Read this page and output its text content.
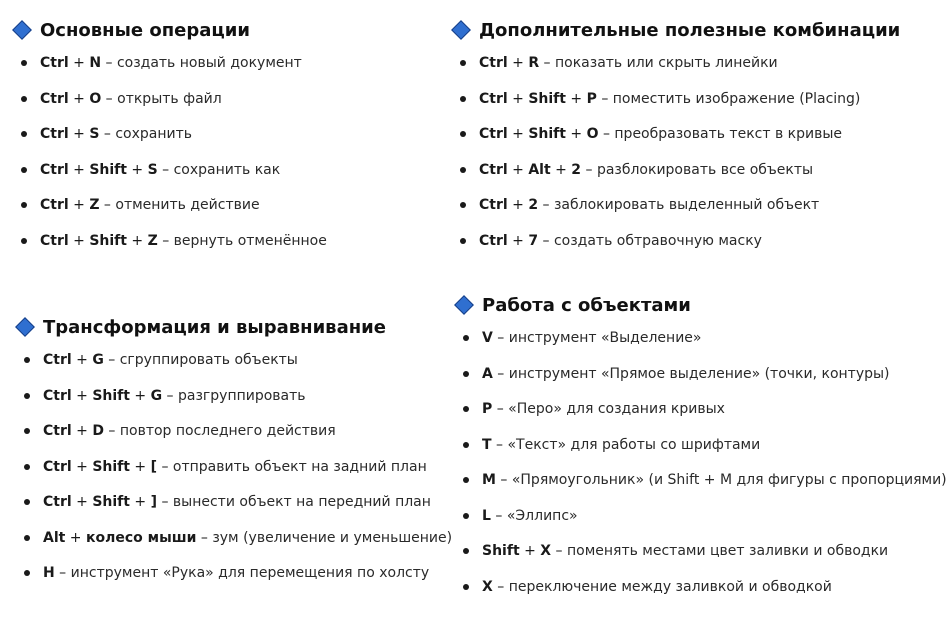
Основные операции
Ctrl + N – создать новый документ
Ctrl + O – открыть файл
Ctrl + S – сохранить
Ctrl + Shift + S – сохранить как
Ctrl + Z – отменить действие
Ctrl + Shift + Z – вернуть отменённое
Дополнительные полезные комбинации
Ctrl + R – показать или скрыть линейки
Ctrl + Shift + P – поместить изображение (Placing)
Ctrl + Shift + O – преобразовать текст в кривые
Ctrl + Alt + 2 – разблокировать все объекты
Ctrl + 2 – заблокировать выделенный объект
Ctrl + 7 – создать обтравочную маску
Трансформация и выравнивание
Ctrl + G – сгруппировать объекты
Ctrl + Shift + G – разгруппировать
Ctrl + D – повтор последнего действия
Ctrl + Shift + [ – отправить объект на задний план
Ctrl + Shift + ] – вынести объект на передний план
Alt + колесо мыши – зум (увеличение и уменьшение)
H – инструмент «Рука» для перемещения по холсту
Работа с объектами
V – инструмент «Выделение»
A – инструмент «Прямое выделение» (точки, контуры)
P – «Перо» для создания кривых
T – «Текст» для работы со шрифтами
M – «Прямоугольник» (и Shift + M для фигуры с пропорциями)
L – «Эллипс»
Shift + X – поменять местами цвет заливки и обводки
X – переключение между заливкой и обводкой
